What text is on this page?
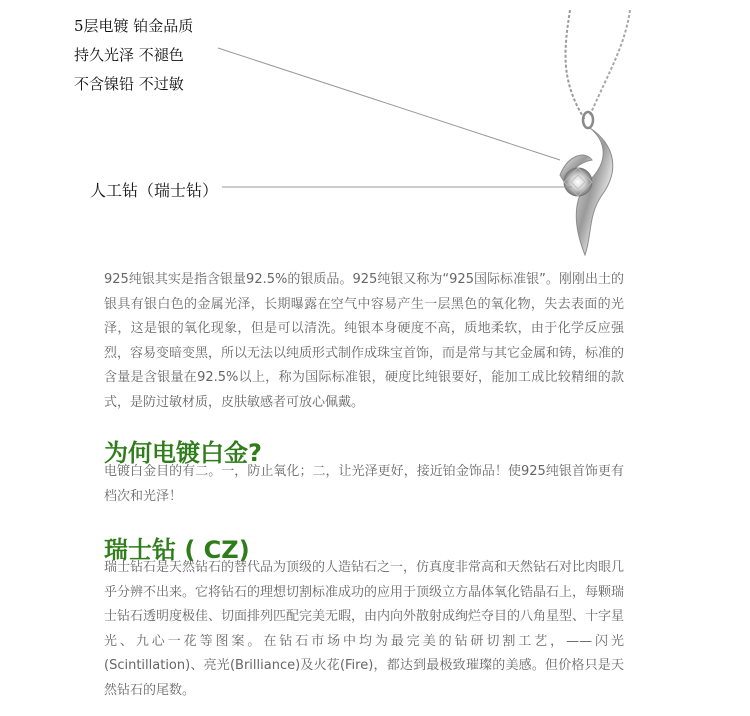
5层电镀 铂金品质
持久光泽 不褪色
不含镍铅 不过敏
人工钻（瑞士钻）

925纯银其实是指含银量92.5%的银质品。925纯银又称为“925国际标准银”。刚刚出土的银具有银白色的金属光泽，长期曝露在空气中容易产生一层黑色的氧化物，失去表面的光泽，这是银的氧化现象，但是可以清洗。纯银本身硬度不高，质地柔软，由于化学反应强烈，容易变暗变黑，所以无法以纯质形式制作成珠宝首饰，而是常与其它金属和铸，标准的含量是含银量在92.5%以上，称为国际标准银，硬度比纯银要好，能加工成比较精细的款式，是防过敏材质，皮肤敏感者可放心佩戴。

为何电镀白金?

电镀白金目的有二。一，防止氧化；二，让光泽更好，接近铂金饰品！使925纯银首饰更有档次和光泽！

瑞士钻 ( CZ)

瑞士钻石是天然钻石的替代品为顶级的人造钻石之一，仿真度非常高和天然钻石对比肉眼几乎分辨不出来。它将钻石的理想切割标准成功的应用于顶级立方晶体氧化锆晶石上，每颗瑞士钻石透明度极佳、切面排列匹配完美无暇，由内向外散射成绚烂夺目的八角星型、十字星光、九心一花等图案。在钻石市场中均为最完美的钻研切割工艺，——闪光(Scintillation)、亮光(Brilliance)及火花(Fire)，都达到最极致璀璨的美感。但价格只是天然钻石的尾数。
